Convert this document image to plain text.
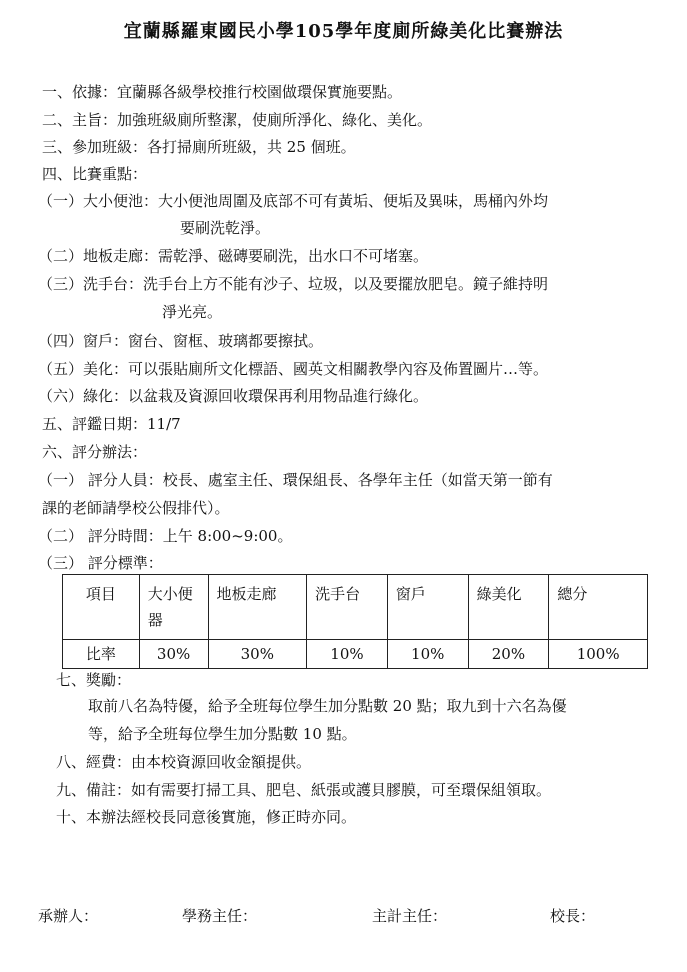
宜蘭縣羅東國民小學105學年度廁所綠美化比賽辦法
一、依據：宜蘭縣各級學校推行校園做環保實施要點。
二、主旨：加強班級廁所整潔，使廁所淨化、綠化、美化。
三、參加班級：各打掃廁所班級，共 25 個班。
四、比賽重點：
（一）大小便池：大小便池周圍及底部不可有黃垢、便垢及異味，馬桶內外均
要刷洗乾淨。
（二）地板走廊：需乾淨、磁磚要刷洗，出水口不可堵塞。
（三）洗手台：洗手台上方不能有沙子、垃圾，以及要擺放肥皂。鏡子維持明
淨光亮。
（四）窗戶：窗台、窗框、玻璃都要擦拭。
（五）美化：可以張貼廁所文化標語、國英文相關教學內容及佈置圖片…等。
（六）綠化：以盆栽及資源回收環保再利用物品進行綠化。
五、評鑑日期：11/7
六、評分辦法：
（一） 評分人員：校長、處室主任、環保組長、各學年主任（如當天第一節有
課的老師請學校公假排代）。
（二） 評分時間：上午 8:00~9:00。
（三） 評分標準：
項目	大小便器	地板走廊	洗手台	窗戶	綠美化	總分
比率	30%	30%	10%	10%	20%	100%
七、獎勵：
取前八名為特優，給予全班每位學生加分點數 20 點；取九到十六名為優
等，給予全班每位學生加分點數 10 點。
八、經費：由本校資源回收金額提供。
九、備註：如有需要打掃工具、肥皂、紙張或護貝膠膜，可至環保組領取。
十、本辦法經校長同意後實施，修正時亦同。
承辦人：	學務主任：	主計主任：	校長：
